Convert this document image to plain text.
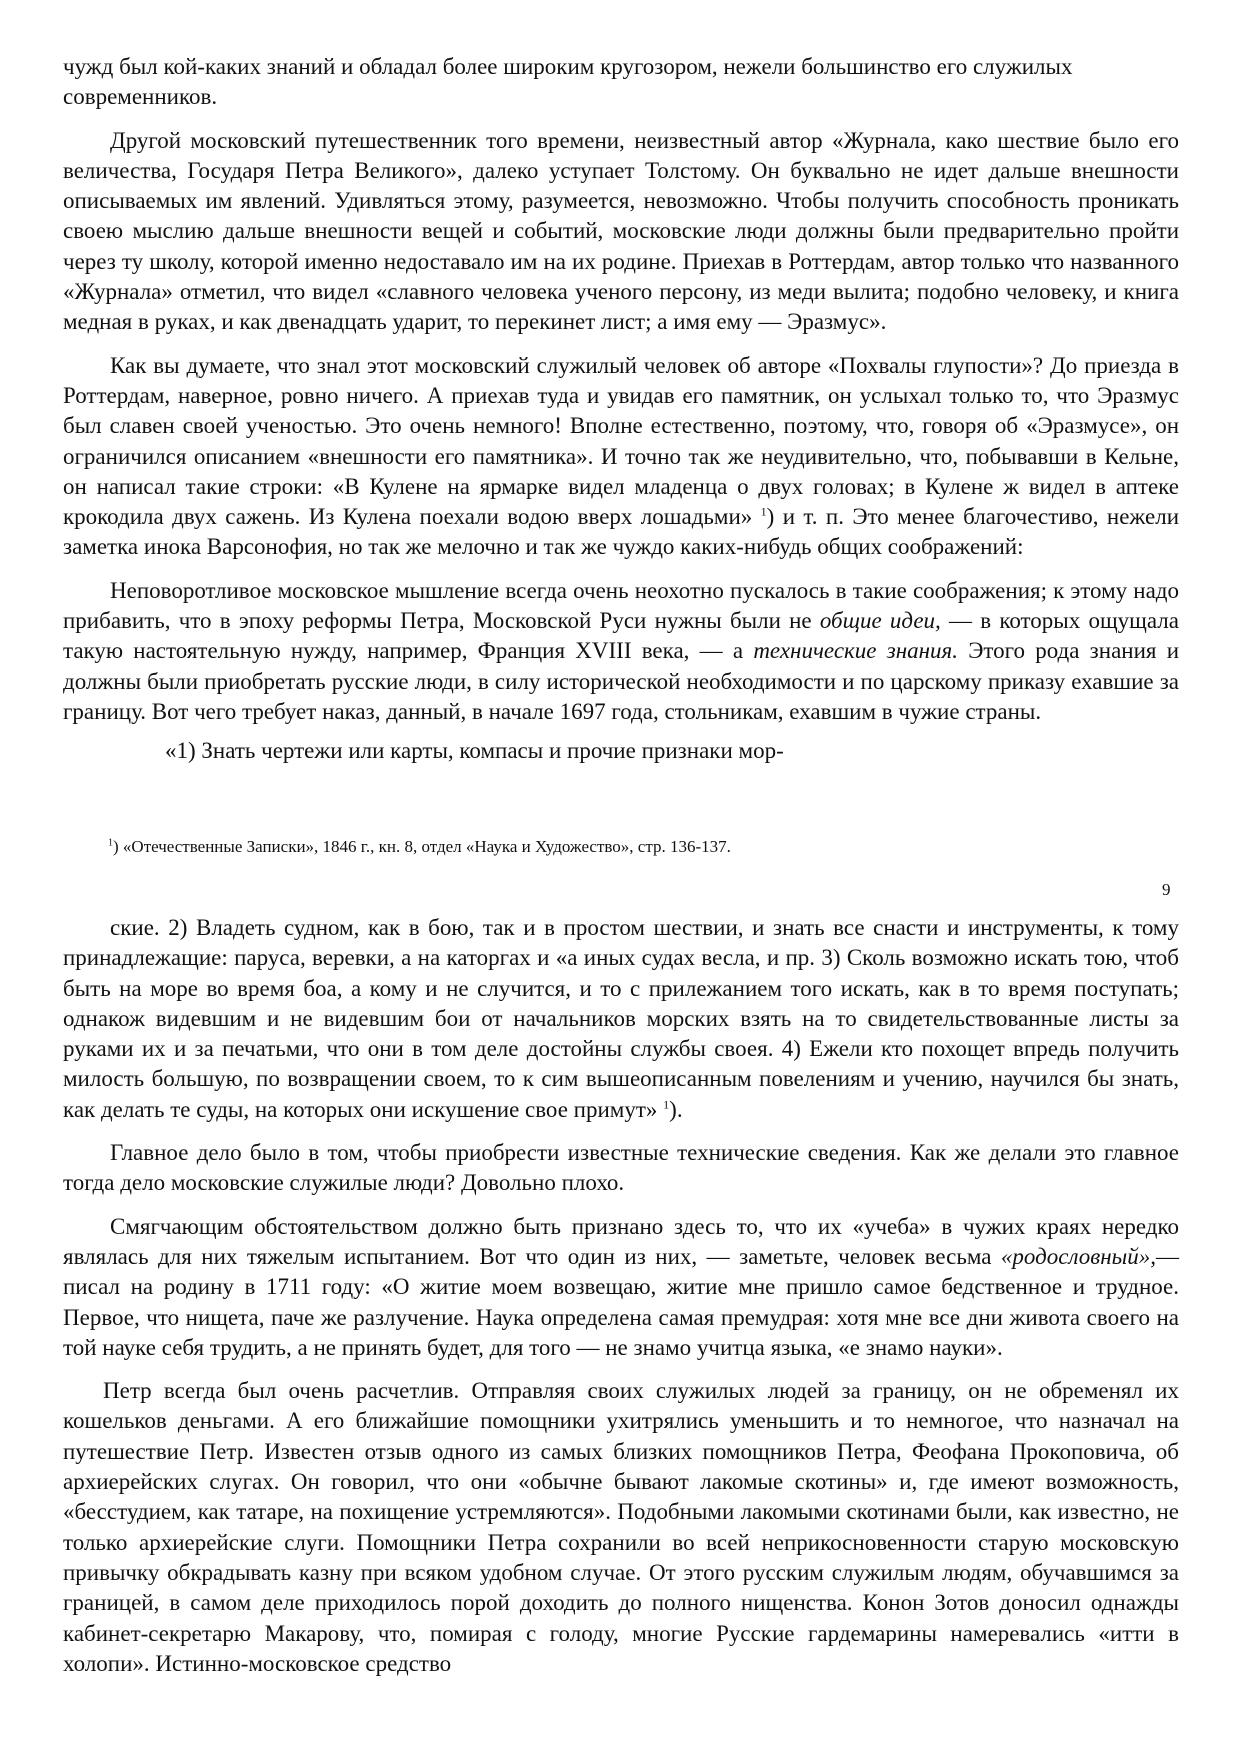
чужд был кой-каких знаний и обладал более широким кругозором, нежели большинство его служилых современников.

Другой московский путешественник того времени, неизвестный автор «Журнала, како шествие было его величества, Государя Петра Великого», далеко уступает Толстому. Он буквально не идет дальше внешности описываемых им явлений. Удивляться этому, разумеется, невозможно. Чтобы получить способность проникать своею мыслию дальше внешности вещей и событий, московские люди должны были предварительно пройти через ту школу, которой именно недоставало им на их родине. Приехав в Роттердам, автор только что названного «Журнала» отметил, что видел «славного человека ученого персону, из меди вылита; подобно человеку, и книга медная в руках, и как двенадцать ударит, то перекинет лист; а имя ему — Эразмус».

Как вы думаете, что знал этот московский служилый человек об авторе «Похвалы глупости»? До приезда в Роттердам, наверное, ровно ничего. А приехав туда и увидав его памятник, он услыхал только то, что Эразмус был славен своей ученостью. Это очень немного! Вполне естественно, поэтому, что, говоря об «Эразмусе», он ограничился описанием «внешности его памятника». И точно так же неудивительно, что, побывавши в Кельне, он написал такие строки: «В Кулене на ярмарке видел младенца о двух головах; в Кулене ж видел в аптеке крокодила двух сажень. Из Кулена поехали водою вверх лошадьми» $^1$) и т. п. Это менее благочестиво, нежели заметка инока Варсонофия, но так же мелочно и так же чуждо каких-нибудь общих соображений:

Неповоротливое московское мышление всегда очень неохотно пускалось в такие соображения; к этому надо прибавить, что в эпоху реформы Петра, Московской Руси нужны были не общие идеи, — в которых ощущала такую настоятельную нужду, например, Франция XVIII века, — а технические знания. Этого рода знания и должны были приобретать русские люди, в силу исторической необходимости и по царскому приказу ехавшие за границу. Вот чего требует наказ, данный, в начале 1697 года, стольникам, ехавшим в чужие страны.

«1) Знать чертежи или карты, компасы и прочие признаки мор-

$^1$) «Отечественные Записки», 1846 г., кн. 8, отдел «Наука и Художество», стр. 136-137.
9

ские. 2) Владеть судном, как в бою, так и в простом шествии, и знать все снасти и инструменты, к тому принадлежащие: паруса, веревки, а на каторгах и «а иных судах весла, и пр. 3) Сколь возможно искать тою, чтоб быть на море во время боа, а кому и не случится, и то с прилежанием того искать, как в то время поступать; однакож видевшим и не видевшим бои от начальников морских взять на то свидетельствованные листы за руками их и за печатьми, что они в том деле достойны службы своея. 4) Ежели кто похощет впредь получить милость большую, по возвращении своем, то к сим вышеописанным повелениям и учению, научился бы знать, как делать те суды, на которых они искушение свое примут» $^1$).

Главное дело было в том, чтобы приобрести известные технические сведения. Как же делали это главное тогда дело московские служилые люди? Довольно плохо.

Смягчающим обстоятельством должно быть признано здесь то, что их «учеба» в чужих краях нередко являлась для них тяжелым испытанием. Вот что один из них, — заметьте, человек весьма «родословный»,—писал на родину в 1711 году: «О житие моем возвещаю, житие мне пришло самое бедственное и трудное. Первое, что нищета, паче же разлучение. Наука определена самая премудрая: хотя мне все дни живота своего на той науке себя трудить, а не принять будет, для того — не знамо учитца языка, «е знамо науки».

Петр всегда был очень расчетлив. Отправляя своих служилых людей за границу, он не обременял их кошельков деньгами. А его ближайшие помощники ухитрялись уменьшить и то немногое, что назначал на путешествие Петр. Известен отзыв одного из самых близких помощников Петра, Феофана Прокоповича, об архиерейских слугах. Он говорил, что они «обычне бывают лакомые скотины» и, где имеют возможность, «бесстудием, как татаре, на похищение устремляются». Подобными лакомыми скотинами были, как известно, не только архиерейские слуги. Помощники Петра сохранили во всей неприкосновенности старую московскую привычку обкрадывать казну при всяком удобном случае. От этого русским служилым людям, обучавшимся за границей, в самом деле приходилось порой доходить до полного нищенства. Конон Зотов доносил однажды кабинет-секретарю Макарову, что, помирая с голоду, многие Русские гардемарины намеревались «итти в холопи». Истинно-московское средство
